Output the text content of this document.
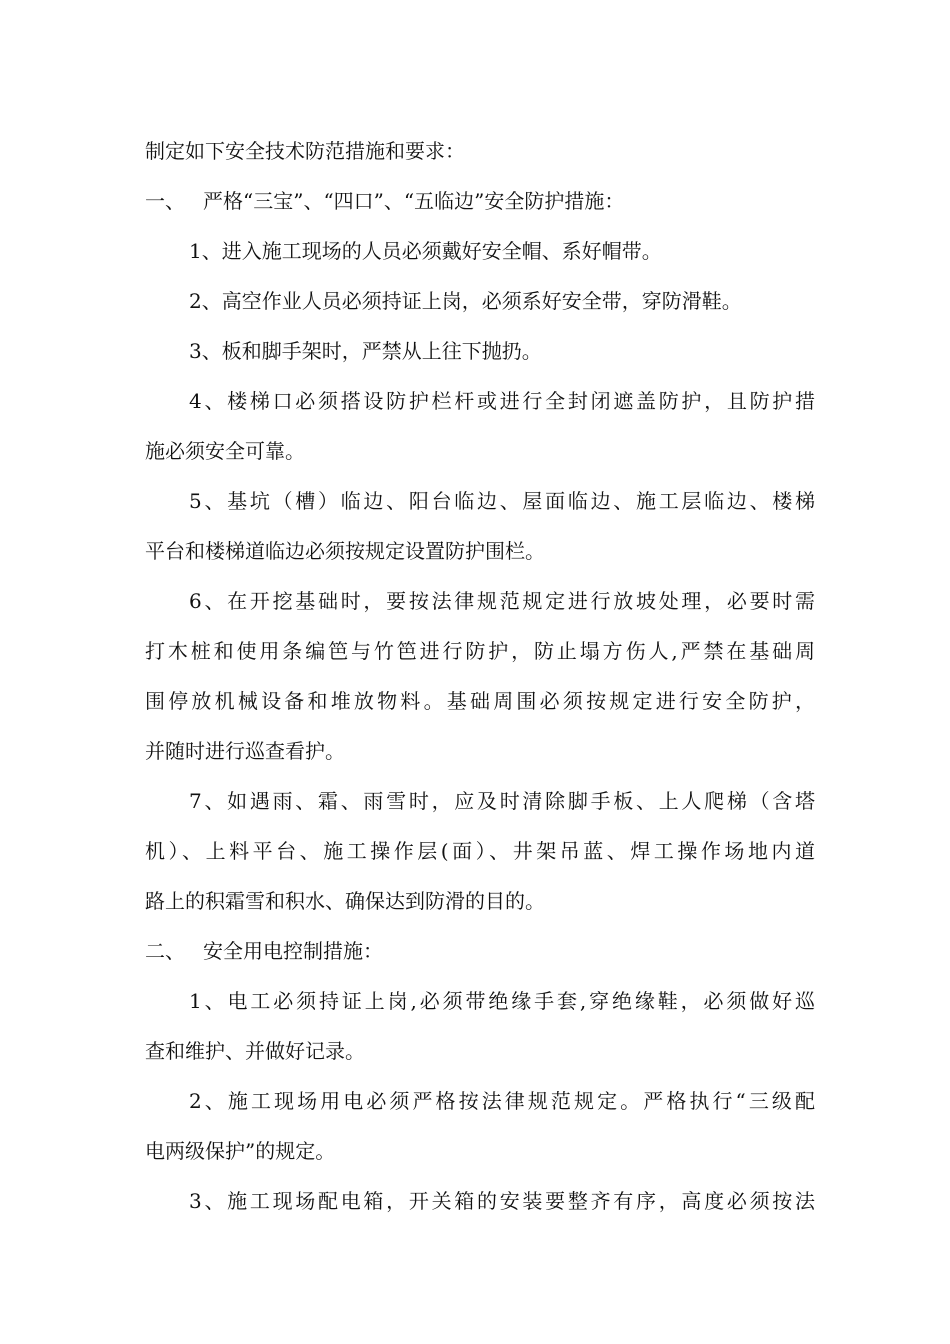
制定如下安全技术防范措施和要求：
一、 严格“三宝”、“四口”、“五临边”安全防护措施：
1、进入施工现场的人员必须戴好安全帽、系好帽带。
2、高空作业人员必须持证上岗，必须系好安全带，穿防滑鞋。
3、板和脚手架时，严禁从上往下抛扔。
4、楼梯口必须搭设防护栏杆或进行全封闭遮盖防护，且防护措
施必须安全可靠。
5、基坑（槽）临边、阳台临边、屋面临边、施工层临边、楼梯
平台和楼梯道临边必须按规定设置防护围栏。
6、在开挖基础时，要按法律规范规定进行放坡处理，必要时需
打木桩和使用条编笆与竹笆进行防护，防止塌方伤人,严禁在基础周
围停放机械设备和堆放物料。基础周围必须按规定进行安全防护，
并随时进行巡查看护。
7、如遇雨、霜、雨雪时，应及时清除脚手板、上人爬梯（含塔
机）、上料平台、施工操作层(面）、井架吊蓝、焊工操作场地内道
路上的积霜雪和积水、确保达到防滑的目的。
二、 安全用电控制措施：
1、电工必须持证上岗,必须带绝缘手套,穿绝缘鞋，必须做好巡
查和维护、并做好记录。
2、施工现场用电必须严格按法律规范规定。严格执行“三级配
电两级保护”的规定。
3、施工现场配电箱，开关箱的安装要整齐有序，高度必须按法
